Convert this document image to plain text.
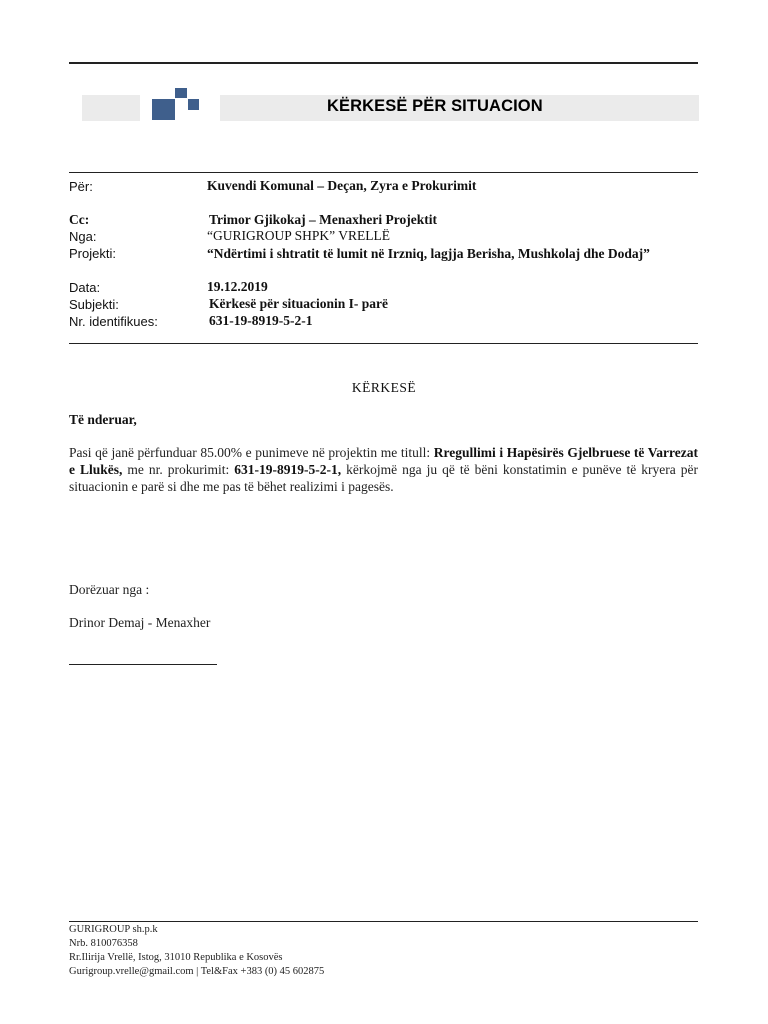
KËRKESË PËR SITUACION
Për:	Kuvendi Komunal – Deçan, Zyra e Prokurimit
Cc:	Trimor Gjikokaj – Menaxheri Projektit
Nga:	“GURIGROUP SHPK” VRELLË
Projekti:	“Ndërtimi i shtratit të lumit në Irzniq, lagjja Berisha, Mushkolaj dhe Dodaj”
Data:	19.12.2019
Subjekti:	Kërkesë për situacionin I- parë
Nr. identifikues:	631-19-8919-5-2-1
KËRKESË
Të nderuar,
Pasi që janë përfunduar 85.00% e punimeve në projektin me titull: Rregullimi i Hapësirës Gjelbruese të Varrezat e Llukës, me nr. prokurimit: 631-19-8919-5-2-1, kërkojmë nga ju që të bëni konstatimin e punëve të kryera për situacionin e parë si dhe me pas të bëhet realizimi i pagesës.
Dorëzuar nga :
Drinor Demaj - Menaxher
GURIGROUP sh.p.k
Nrb. 810076358
Rr.Ilirija Vrellë, Istog, 31010 Republika e Kosovës
Gurigroup.vrelle@gmail.com | Tel&Fax +383 (0) 45 602875
